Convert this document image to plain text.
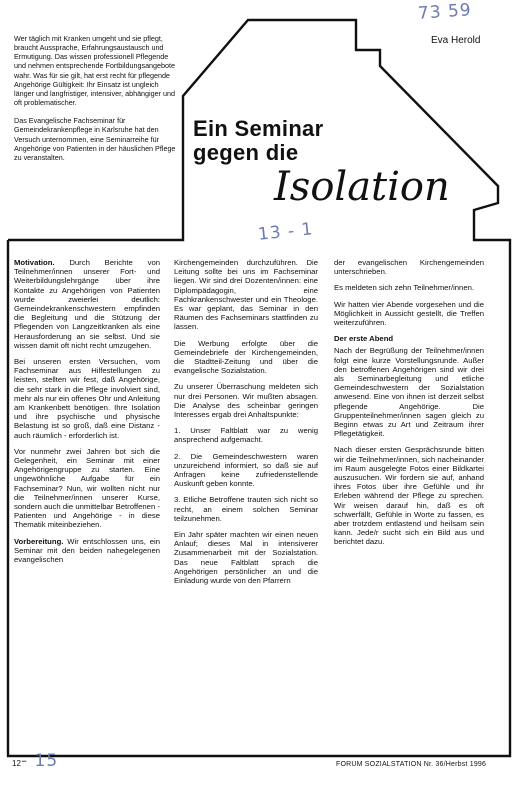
73 59
Eva Herold

Wer täglich mit Kranken umgeht und sie pflegt, braucht Aussprache, Erfahrungsaustausch und Ermutigung. Das wissen professionell Pflegende und nehmen entsprechende Fortbildungsangebote wahr. Was für sie gilt, hat erst recht für pflegende Angehörige Gültigkeit: Ihr Einsatz ist ungleich länger und langfristiger, intensiver, abhängiger und oft problematischer.

Das Evangelische Fachseminar für Gemeindekrankenpflege in Karlsruhe hat den Versuch unternommen, eine Seminarreihe für Angehörige von Patienten in der häuslichen Pflege zu veranstalten.

Ein Seminar
gegen die
Isolation
13 - 1

Motivation. Durch Berichte von Teilnehmer/innen unserer Fort- und Weiterbildungslehrgänge über ihre Kontakte zu Angehörigen von Patienten wurde zweierlei deutlich: Gemeindekrankenschwestern empfinden die Begleitung und die Stützung der Pflegenden von Langzeitkranken als eine Herausforderung an sie selbst. Und sie wissen damit oft nicht recht umzugehen.

Bei unseren ersten Versuchen, vom Fachseminar aus Hilfestellungen zu leisten, stellten wir fest, daß Angehörige, die sehr stark in die Pflege involviert sind, mehr als nur ein offenes Ohr und Anleitung am Krankenbett benötigen. Ihre Isolation und ihre psychische und physische Belastung ist so groß, daß eine Distanz - auch räumlich - erforderlich ist.

Vor nunmehr zwei Jahren bot sich die Gelegenheit, ein Seminar mit einer Angehörigengruppe zu starten. Eine ungewöhnliche Aufgabe für ein Fachseminar? Nun, wir wollten nicht nur die Teilnehmer/innen unserer Kurse, sondern auch die unmittelbar Betroffenen - Patienten und Angehörige - in diese Thematik miteinbeziehen.

Vorbereitung. Wir entschlossen uns, ein Seminar mit den beiden nahegelegenen evangelischen

Kirchengemeinden durchzuführen. Die Leitung sollte bei uns im Fachseminar liegen. Wir sind drei Dozenten/innen: eine Diplompädagogin, eine Fachkrankenschwester und ein Theologe. Es war geplant, das Seminar in den Räumen des Fachseminars stattfinden zu lassen.

Die Werbung erfolgte über die Gemeindebriefe der Kirchengemeinden, die Stadtteil-Zeitung und über die evangelische Sozialstation.

Zu unserer Überraschung meldeten sich nur drei Personen. Wir mußten absagen. Die Analyse des scheinbar geringen Interesses ergab drei Anhaltspunkte:

1. Unser Faltblatt war zu wenig ansprechend aufgemacht.

2. Die Gemeindeschwestern waren unzureichend informiert, so daß sie auf Anfragen keine zufriedenstellende Auskunft geben konnte.

3. Etliche Betroffene trauten sich nicht so recht, an einem solchen Seminar teilzunehmen.

Ein Jahr später machten wir einen neuen Anlauf; dieses Mal in intensiverer Zusammenarbeit mit der Sozialstation. Das neue Faltblatt sprach die Angehörigen persönlicher an und die Einladung wurde von den Pfarrern

der evangelischen Kirchengemeinden unterschrieben.

Es meldeten sich zehn Teilnehmer/innen.

Wir hatten vier Abende vorgesehen und die Möglichkeit in Aussicht gestellt, die Treffen weiterzuführen.

Der erste Abend

Nach der Begrüßung der Teilnehmer/innen folgt eine kurze Vorstellungsrunde. Außer den betroffenen Angehörigen sind wir drei als Seminarbegleitung und etliche Gemeindeschwestern der Sozialstation anwesend. Eine von ihnen ist derzeit selbst pflegende Angehörige. Die Gruppenteilnehmer/innen sagen gleich zu Beginn etwas zu Art und Zeitraum ihrer Pflegetätigkeit.

Nach dieser ersten Gesprächsrunde bitten wir die Teilnehmer/innen, sich nacheinander im Raum ausgelegte Fotos einer Bildkartei auszusuchen. Wir fordern sie auf, anhand ihres Fotos über ihre Gefühle und ihr Erleben während der Pflege zu sprechen. Wir weisen darauf hin, daß es oft schwerfällt, Gefühle in Worte zu fassen, es aber trotzdem entlastend und heilsam sein kann. Jede/r sucht sich ein Bild aus und berichtet dazu.

12 - 15	FORUM SOZIALSTATION Nr. 36/Herbst 1996
